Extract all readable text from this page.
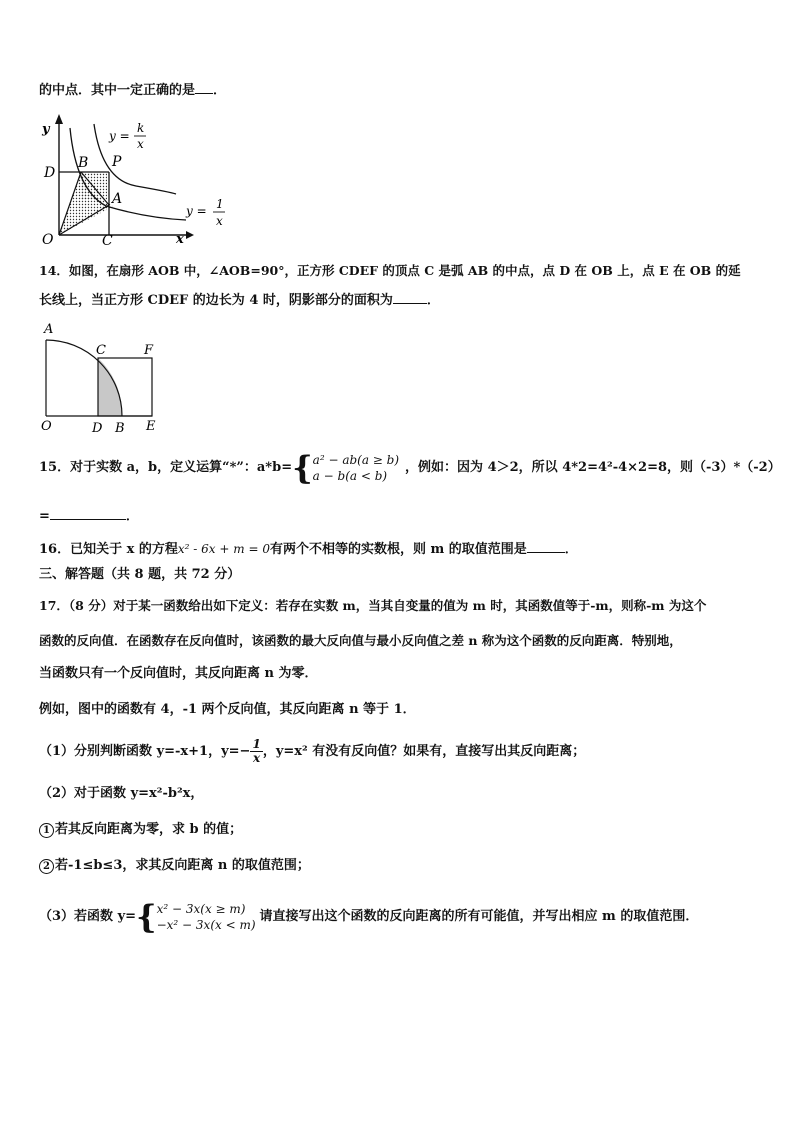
的中点．其中一定正确的是 ．
y
x
O
D
B P
A
C
y =
k
x
y = 1
x
14．如图，在扇形 AOB 中，∠AOB=90°，正方形 CDEF 的顶点 C 是弧 AB 的中点，点 D 在 OB 上，点 E 在 OB 的延
长线上，当正方形 CDEF 的边长为 4 时，阴影部分的面积为	．
A
C	F
O	D B E
15．对于实数 a，b，定义运算“*”：a*b={ a² − ab(a ≥ b)
a − b(a < b)
，例如：因为 4＞2，所以 4*2=4²-4×2=8，则（-3）*（-2）
=	．
16．已知关于 x 的方程x² - 6x + m = 0有两个不相等的实数根，则 m 的取值范围是	．
三、解答题（共 8 题，共 72 分）
17．（8 分）对于某一函数给出如下定义：若存在实数 m，当其自变量的值为 m 时，其函数值等于-m，则称-m 为这个
函数的反向值．在函数存在反向值时，该函数的最大反向值与最小反向值之差 n 称为这个函数的反向距离．特别地，
当函数只有一个反向值时，其反向距离 n 为零．
例如，图中的函数有 4，-1 两个反向值，其反向距离 n 等于 1．
（1）分别判断函数 y=-x+1，$y=- \frac{1}{x}$ ，y=x² 有没有反向值？如果有，直接写出其反向距离；
（2）对于函数 y=x²-b²x，
1 若其反向距离为零，求 b 的值；
2 若-1≤b≤3，求其反向距离 n 的取值范围；
（3）若函数 y={ x² − 3x(x ≥ m)
−x² − 3x(x < m)
请直接写出这个函数的反向距离的所有可能值，并写出相应 m 的取值范围．
